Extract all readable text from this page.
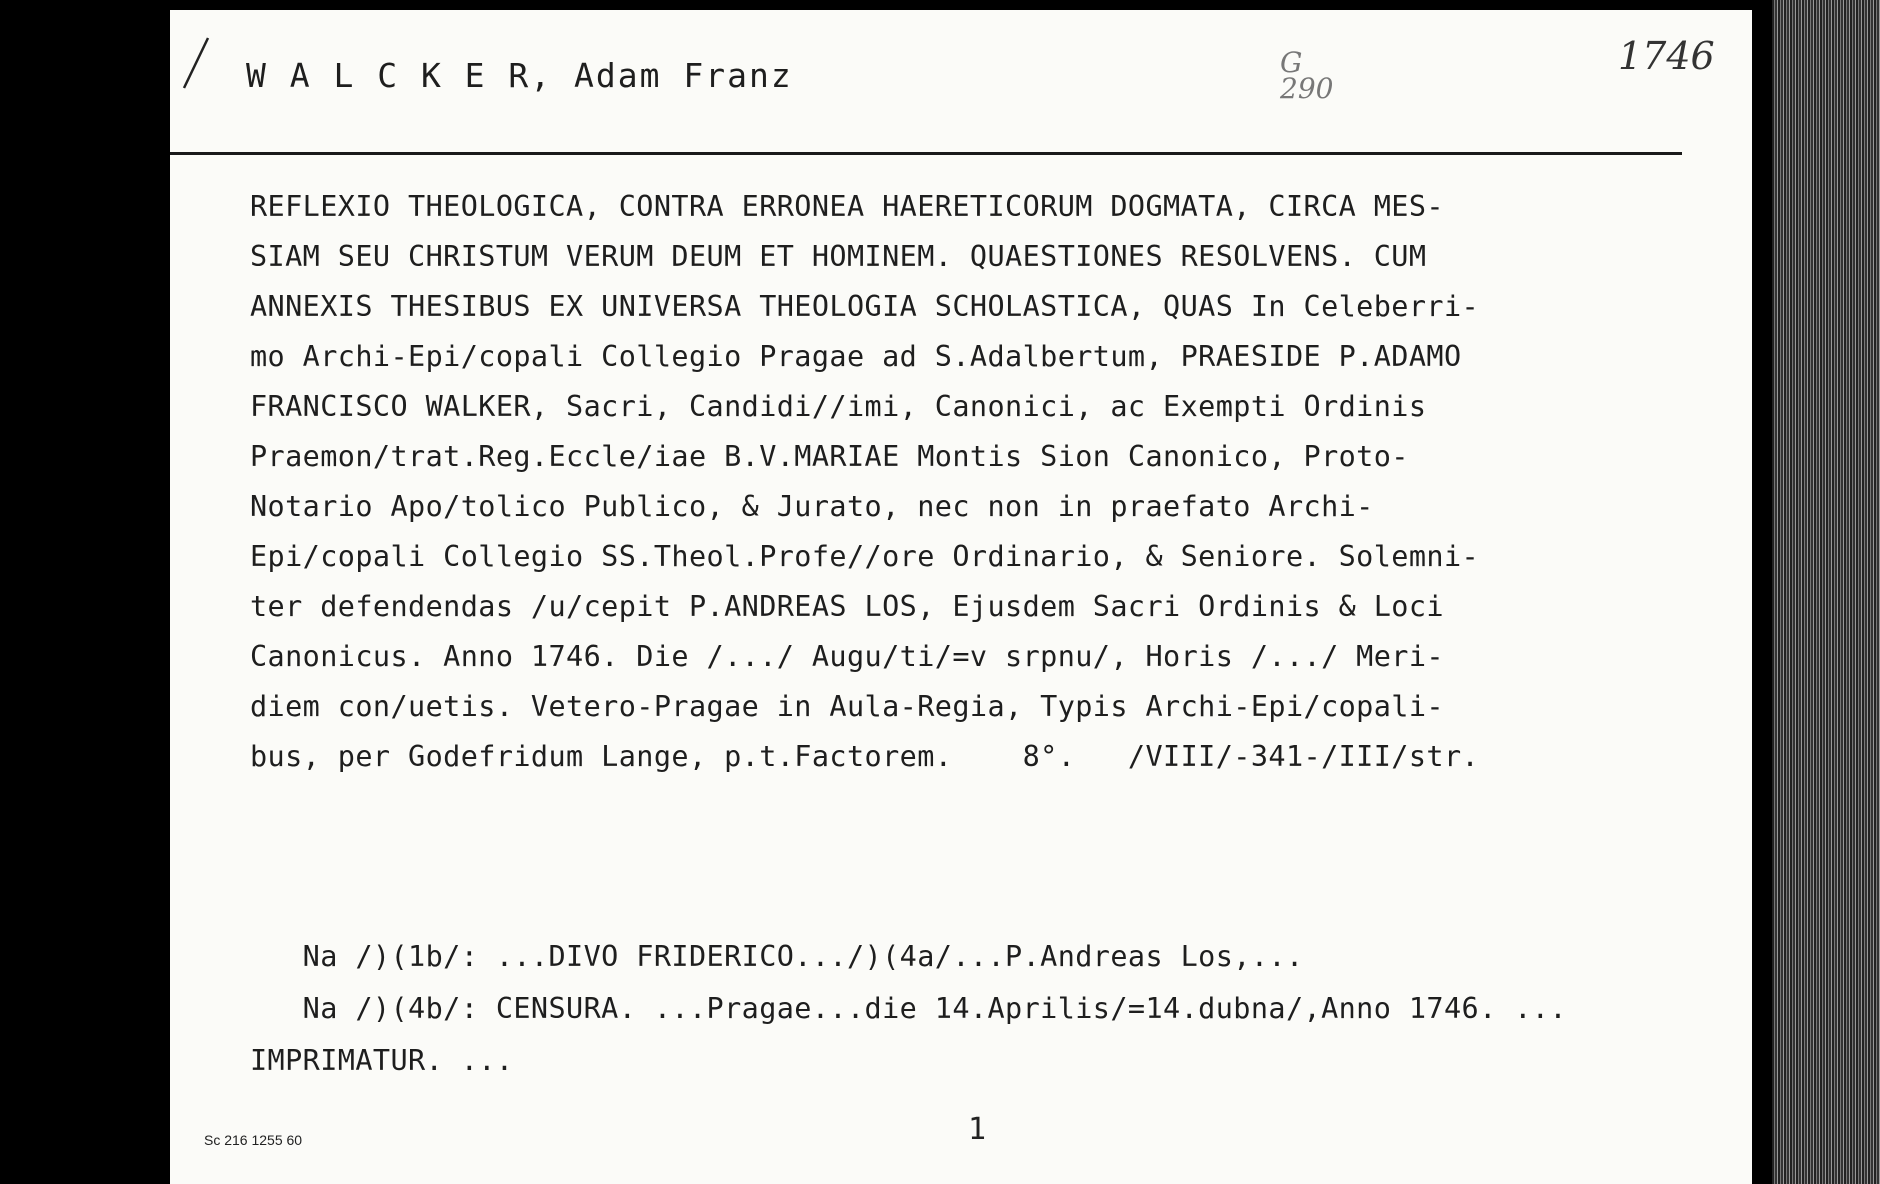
W A L C K E R, Adam Franz	1746
G
290
REFLEXIO THEOLOGICA, CONTRA ERRONEA HAERETICORUM DOGMATA, CIRCA MES-
SIAM SEU CHRISTUM VERUM DEUM ET HOMINEM. QUAESTIONES RESOLVENS. CUM
ANNEXIS THESIBUS EX UNIVERSA THEOLOGIA SCHOLASTICA, QUAS In Celeberri-
mo Archi-Epi/copali Collegio Pragae ad S.Adalbertum, PRAESIDE P.ADAMO
FRANCISCO WALKER, Sacri, Candidi//imi, Canonici, ac Exempti Ordinis
Praemon/trat.Reg.Eccle/iae B.V.MARIAE Montis Sion Canonico, Proto-
Notario Apo/tolico Publico, & Jurato, nec non in praefato Archi-
Epi/copali Collegio SS.Theol.Profe//ore Ordinario, & Seniore. Solemni-
ter defendendas /u/cepit P.ANDREAS LOS, Ejusdem Sacri Ordinis & Loci
Canonicus. Anno 1746. Die /.../ Augu/ti/=v srpnu/, Horis /.../ Meri-
diem con/uetis. Vetero-Pragae in Aula-Regia, Typis Archi-Epi/copali-
bus, per Godefridum Lange, p.t.Factorem.    8°.   /VIII/-341-/III/str.
Na /)(1b/: ...DIVO FRIDERICO.../)(4a/...P.Andreas Los,...
Na /)(4b/: CENSURA. ...Pragae...die 14.Aprilis/=14.dubna/,Anno 1746. ...
IMPRIMATUR. ...
Sc 216 1255 60	1
